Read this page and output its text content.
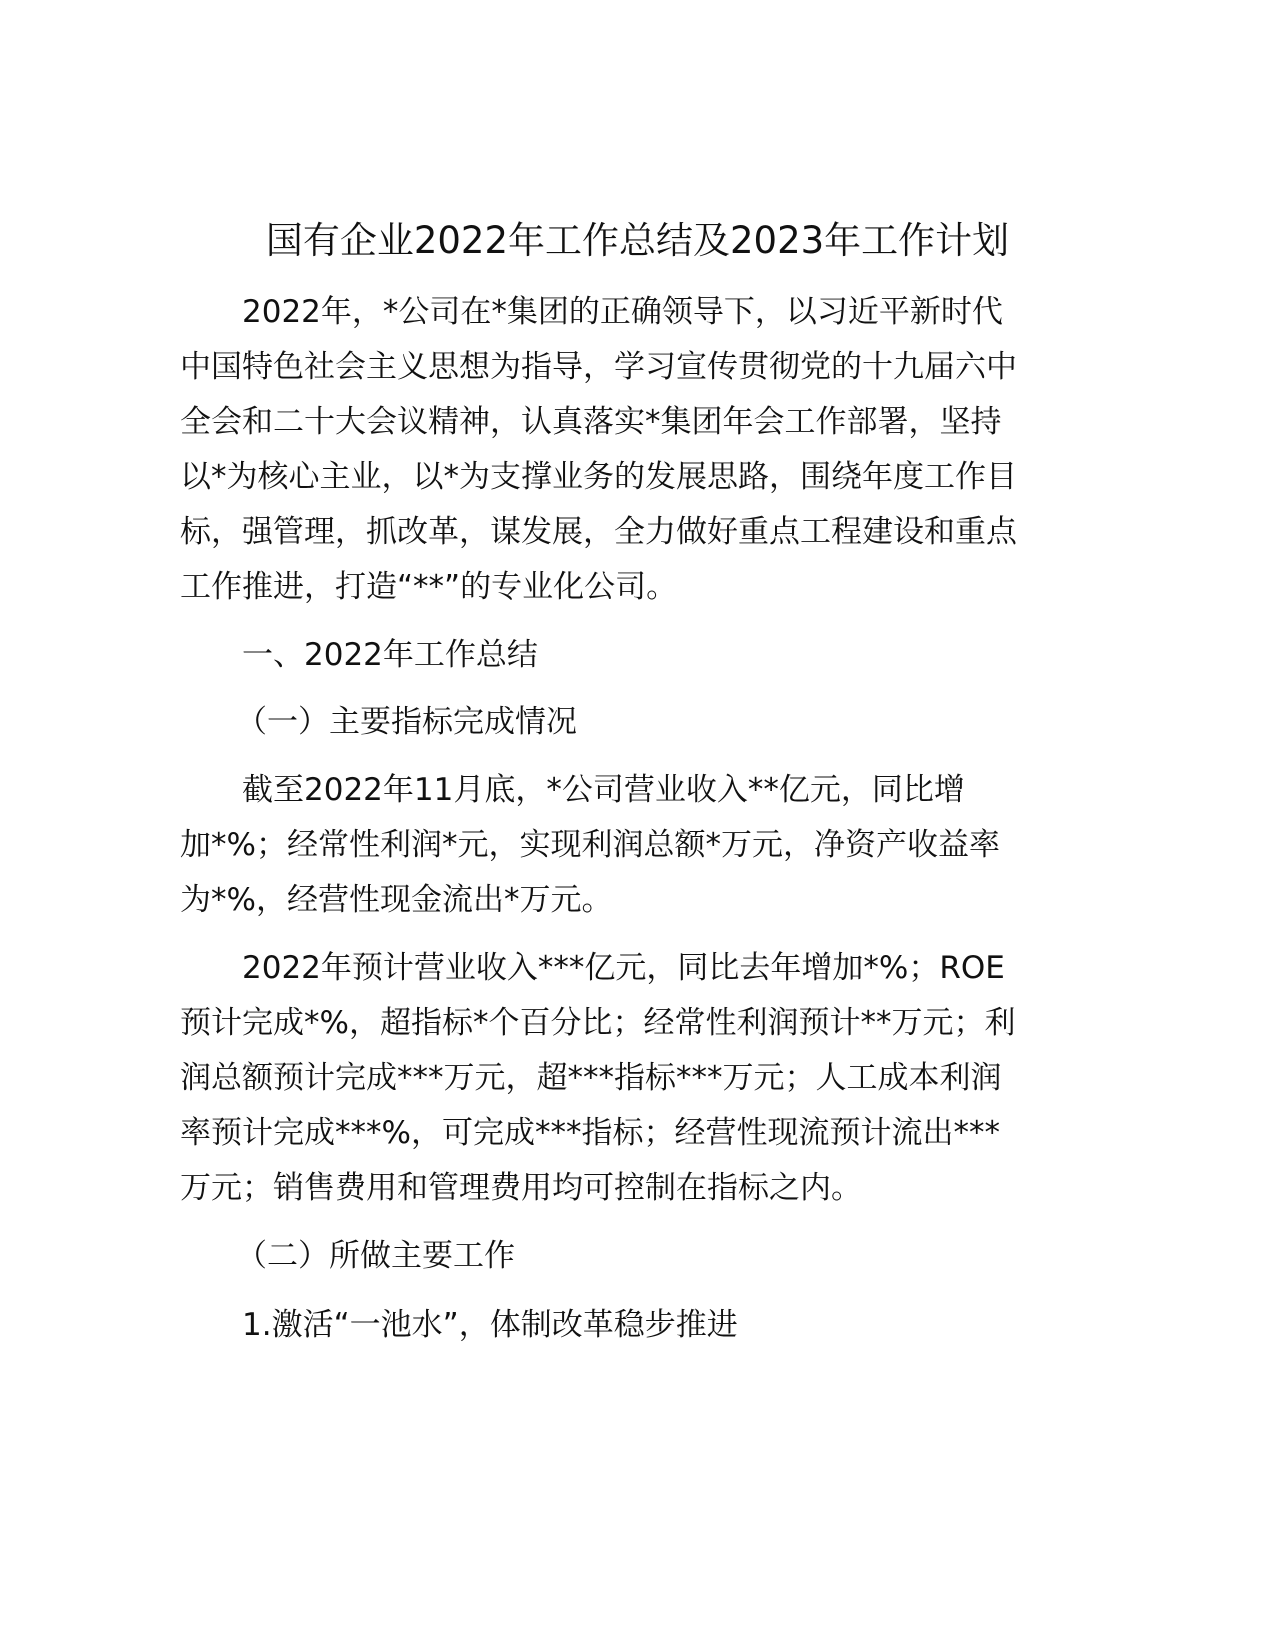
国有企业2022年工作总结及2023年工作计划
2022年，*公司在*集团的正确领导下，以习近平新时代
中国特色社会主义思想为指导，学习宣传贯彻党的十九届六中
全会和二十大会议精神，认真落实*集团年会工作部署，坚持
以*为核心主业，以*为支撑业务的发展思路，围绕年度工作目
标，强管理，抓改革，谋发展，全力做好重点工程建设和重点
工作推进，打造“**”的专业化公司。
一、2022年工作总结
（一）主要指标完成情况
截至2022年11月底，*公司营业收入**亿元，同比增
加*%；经常性利润*元，实现利润总额*万元，净资产收益率
为*%，经营性现金流出*万元。
2022年预计营业收入***亿元，同比去年增加*%；ROE
预计完成*%，超指标*个百分比；经常性利润预计**万元；利
润总额预计完成***万元，超***指标***万元；人工成本利润
率预计完成***%，可完成***指标；经营性现流预计流出***
万元；销售费用和管理费用均可控制在指标之内。
（二）所做主要工作
1.激活“一池水”，体制改革稳步推进
